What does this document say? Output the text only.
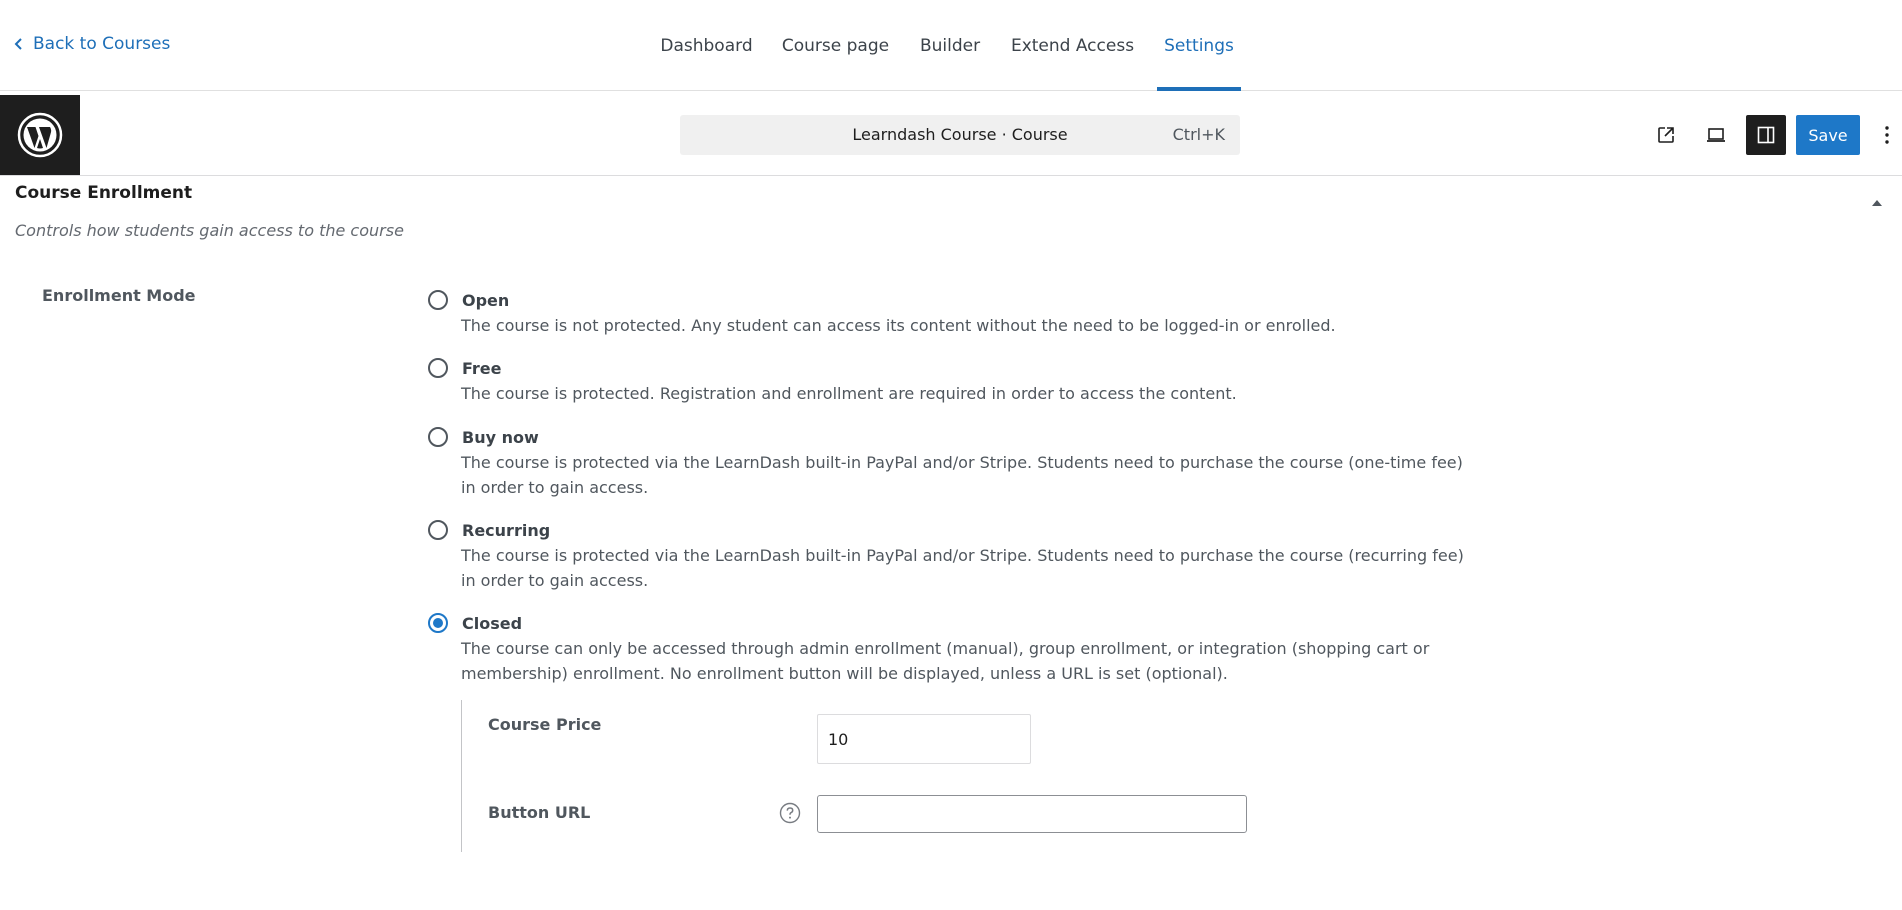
Back to Courses	Dashboard	Course page	Builder	Extend Access	Settings
Learndash Course · Course	Ctrl+K	Save
Course Enrollment
Controls how students gain access to the course
Enrollment Mode	Open
The course is not protected. Any student can access its content without the need to be logged-in or enrolled.
Free
The course is protected. Registration and enrollment are required in order to access the content.
Buy now
The course is protected via the LearnDash built-in PayPal and/or Stripe. Students need to purchase the course (one-time fee) in order to gain access.
Recurring
The course is protected via the LearnDash built-in PayPal and/or Stripe. Students need to purchase the course (recurring fee) in order to gain access.
Closed
The course can only be accessed through admin enrollment (manual), group enrollment, or integration (shopping cart or membership) enrollment. No enrollment button will be displayed, unless a URL is set (optional).
Course Price
10
Button URL
